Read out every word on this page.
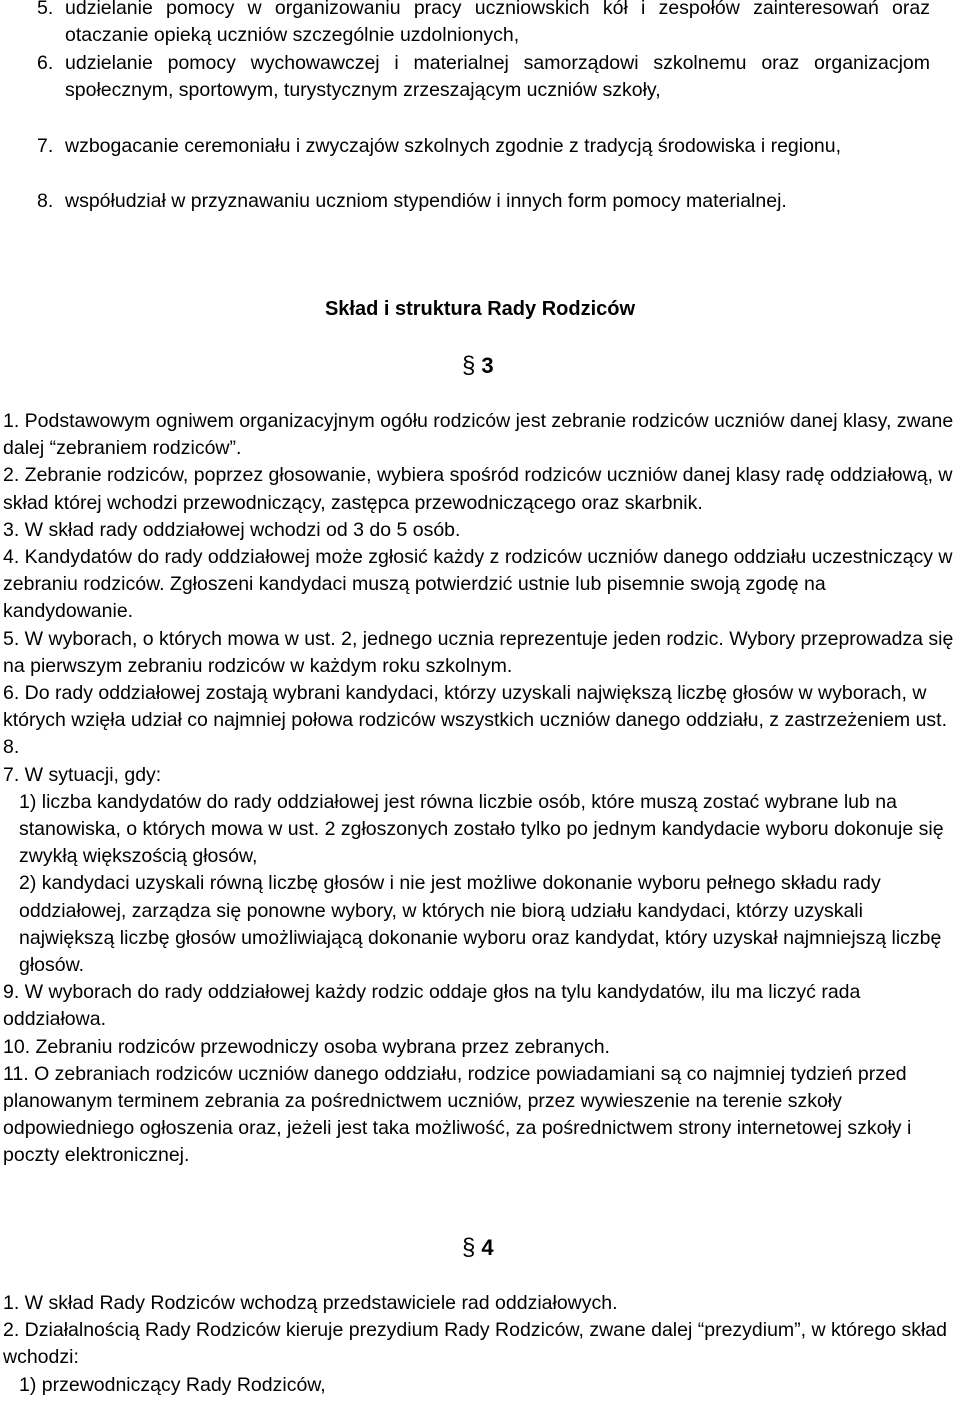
5. udzielanie pomocy w organizowaniu pracy uczniowskich kół i zespołów zainteresowań oraz otaczanie opieką uczniów szczególnie uzdolnionych,
6. udzielanie pomocy wychowawczej i materialnej samorządowi szkolnemu oraz organizacjom społecznym, sportowym, turystycznym zrzeszającym uczniów szkoły,
7. wzbogacanie ceremoniału i zwyczajów szkolnych zgodnie z tradycją środowiska i regionu,
8. współudział w przyznawaniu uczniom stypendiów i innych form pomocy materialnej.
Skład i struktura Rady Rodziców
§ 3

1. Podstawowym ogniwem organizacyjnym ogółu rodziców jest zebranie rodziców uczniów danej klasy, zwane dalej “zebraniem rodziców”.

2. Zebranie rodziców, poprzez głosowanie, wybiera spośród rodziców uczniów danej klasy radę oddziałową, w skład której wchodzi przewodniczący, zastępca przewodniczącego oraz skarbnik.

3. W skład rady oddziałowej wchodzi od 3 do 5 osób.

4. Kandydatów do rady oddziałowej może zgłosić każdy z rodziców uczniów danego oddziału uczestniczący w zebraniu rodziców. Zgłoszeni kandydaci muszą potwierdzić ustnie lub pisemnie swoją zgodę na kandydowanie.

5. W wyborach, o których mowa w ust. 2, jednego ucznia reprezentuje jeden rodzic. Wybory przeprowadza się na pierwszym zebraniu rodziców w każdym roku szkolnym.

6. Do rady oddziałowej zostają wybrani kandydaci, którzy uzyskali największą liczbę głosów w wyborach, w których wzięła udział co najmniej połowa rodziców wszystkich uczniów danego oddziału, z zastrzeżeniem ust. 8.

7. W sytuacji, gdy:

1) liczba kandydatów do rady oddziałowej jest równa liczbie osób, które muszą zostać wybrane lub na stanowiska, o których mowa w ust. 2 zgłoszonych zostało tylko po jednym kandydacie wyboru dokonuje się zwykłą większością głosów,

2) kandydaci uzyskali równą liczbę głosów i nie jest możliwe dokonanie wyboru pełnego składu rady oddziałowej, zarządza się ponowne wybory, w których nie biorą udziału kandydaci, którzy uzyskali największą liczbę głosów umożliwiającą dokonanie wyboru oraz kandydat, który uzyskał najmniejszą liczbę głosów.

9. W wyborach do rady oddziałowej każdy rodzic oddaje głos na tylu kandydatów, ilu ma liczyć rada oddziałowa.

10. Zebraniu rodziców przewodniczy osoba wybrana przez zebranych.

11. O zebraniach rodziców uczniów danego oddziału, rodzice powiadamiani są co najmniej tydzień przed planowanym terminem zebrania za pośrednictwem uczniów, przez wywieszenie na terenie szkoły odpowiedniego ogłoszenia oraz, jeżeli jest taka możliwość, za pośrednictwem strony internetowej szkoły i poczty elektronicznej.

§ 4

1. W skład Rady Rodziców wchodzą przedstawiciele rad oddziałowych.

2. Działalnością Rady Rodziców kieruje prezydium Rady Rodziców, zwane dalej “prezydium”, w którego skład wchodzi:

1) przewodniczący Rady Rodziców,
